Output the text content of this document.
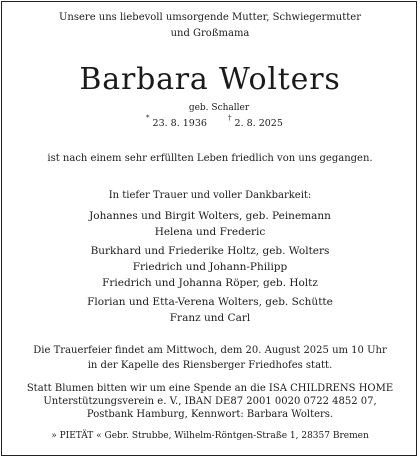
Unsere uns liebevoll umsorgende Mutter, Schwiegermutter
und Großmama
Barbara Wolters
geb. Schaller
* 23. 8. 1936
† 2. 8. 2025
ist nach einem sehr erfüllten Leben friedlich von uns gegangen.
In tiefer Trauer und voller Dankbarkeit:
Johannes und Birgit Wolters, geb. Peinemann
Helena und Frederic
Burkhard und Friederike Holtz, geb. Wolters
Friedrich und Johann-Philipp
Friedrich und Johanna Röper, geb. Holtz
Florian und Etta-Verena Wolters, geb. Schütte
Franz und Carl
Die Trauerfeier findet am Mittwoch, dem 20. August 2025 um 10 Uhr
in der Kapelle des Riensberger Friedhofes statt.
Statt Blumen bitten wir um eine Spende an die ISA CHILDRENS HOME
Unterstützungsverein e. V., IBAN DE87 2001 0020 0722 4852 07,
Postbank Hamburg, Kennwort: Barbara Wolters.
» PIETÄT « Gebr. Strubbe, Wilhelm-Röntgen-Straße 1, 28357 Bremen
